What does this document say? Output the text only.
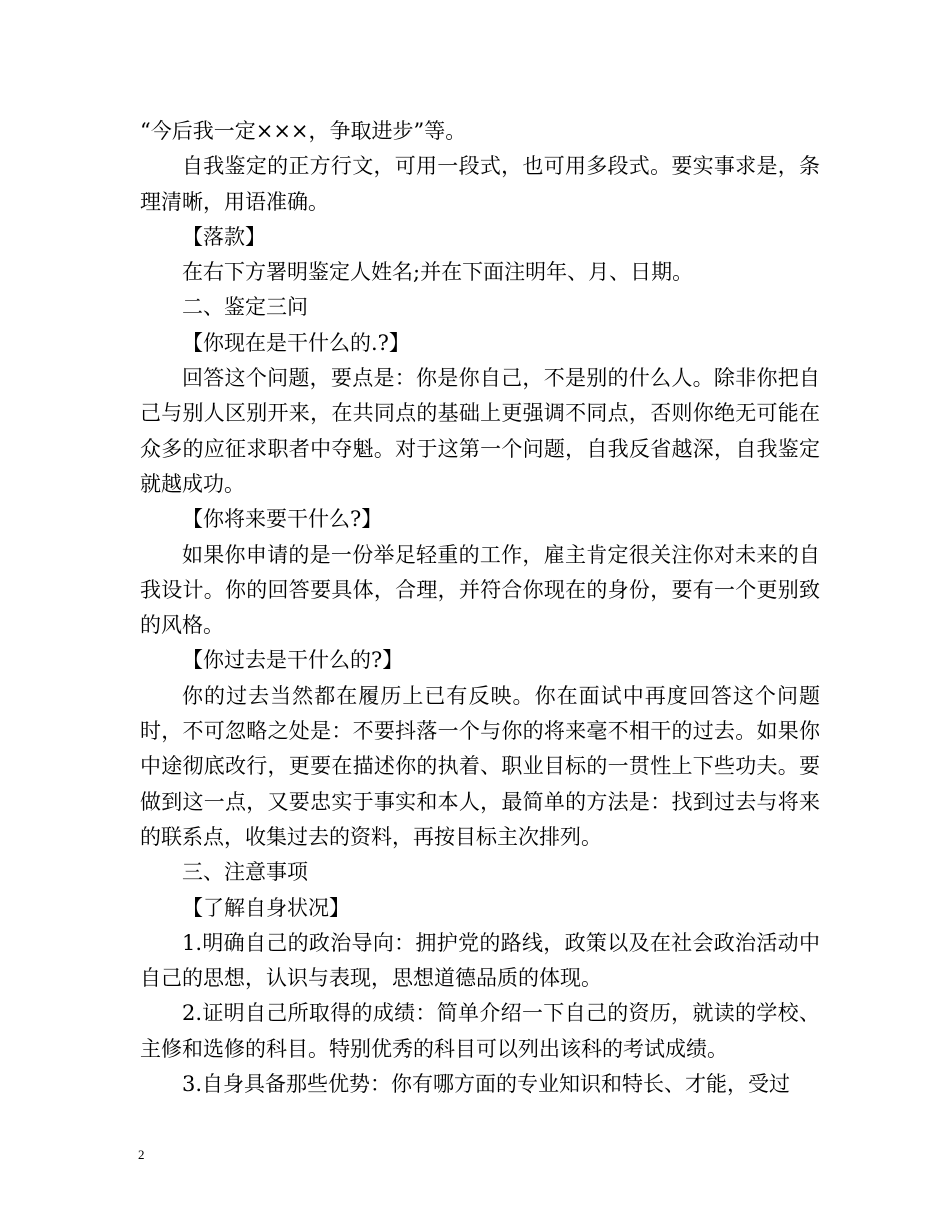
“今后我一定×××，争取进步”等。

自我鉴定的正方行文，可用一段式，也可用多段式。要实事求是，条理清晰，用语准确。

【落款】

在右下方署明鉴定人姓名;并在下面注明年、月、日期。

二、鉴定三问

【你现在是干什么的.?】

回答这个问题，要点是：你是你自己，不是别的什么人。除非你把自己与别人区别开来，在共同点的基础上更强调不同点，否则你绝无可能在众多的应征求职者中夺魁。对于这第一个问题，自我反省越深，自我鉴定就越成功。

【你将来要干什么?】

如果你申请的是一份举足轻重的工作，雇主肯定很关注你对未来的自我设计。你的回答要具体，合理，并符合你现在的身份，要有一个更别致的风格。

【你过去是干什么的?】

你的过去当然都在履历上已有反映。你在面试中再度回答这个问题时，不可忽略之处是：不要抖落一个与你的将来毫不相干的过去。如果你中途彻底改行，更要在描述你的执着、职业目标的一贯性上下些功夫。要做到这一点，又要忠实于事实和本人，最简单的方法是：找到过去与将来的联系点，收集过去的资料，再按目标主次排列。

三、注意事项

【了解自身状况】

1.明确自己的政治导向：拥护党的路线，政策以及在社会政治活动中自己的思想，认识与表现，思想道德品质的体现。

2.证明自己所取得的成绩：简单介绍一下自己的资历，就读的学校、主修和选修的科目。特别优秀的科目可以列出该科的考试成绩。

3.自身具备那些优势：你有哪方面的专业知识和特长、才能，受过

2
